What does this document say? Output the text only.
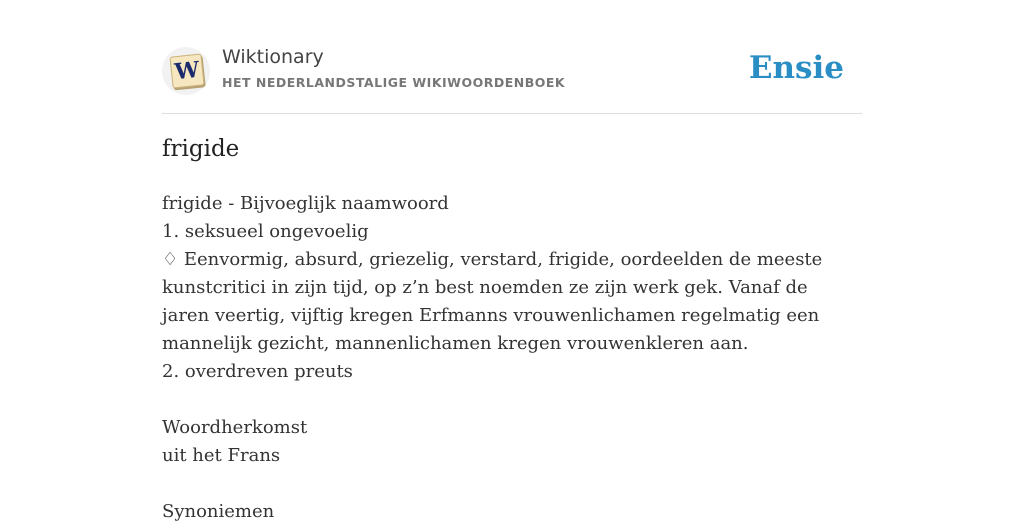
W Wiktionary
HET NEDERLANDSTALIGE WIKIWOORDENBOEK	Ensie
frigide

frigide - Bijvoeglijk naamwoord

1. seksueel ongevoelig

♢ Eenvormig, absurd, griezelig, verstard, frigide, oordeelden de meeste kunstcritici in zijn tijd, op z’n best noemden ze zijn werk gek. Vanaf de jaren veertig, vijftig kregen Erfmanns vrouwenlichamen regelmatig een mannelijk gezicht, mannenlichamen kregen vrouwenkleren aan.

2. overdreven preuts

Woordherkomst

uit het Frans

Synoniemen
